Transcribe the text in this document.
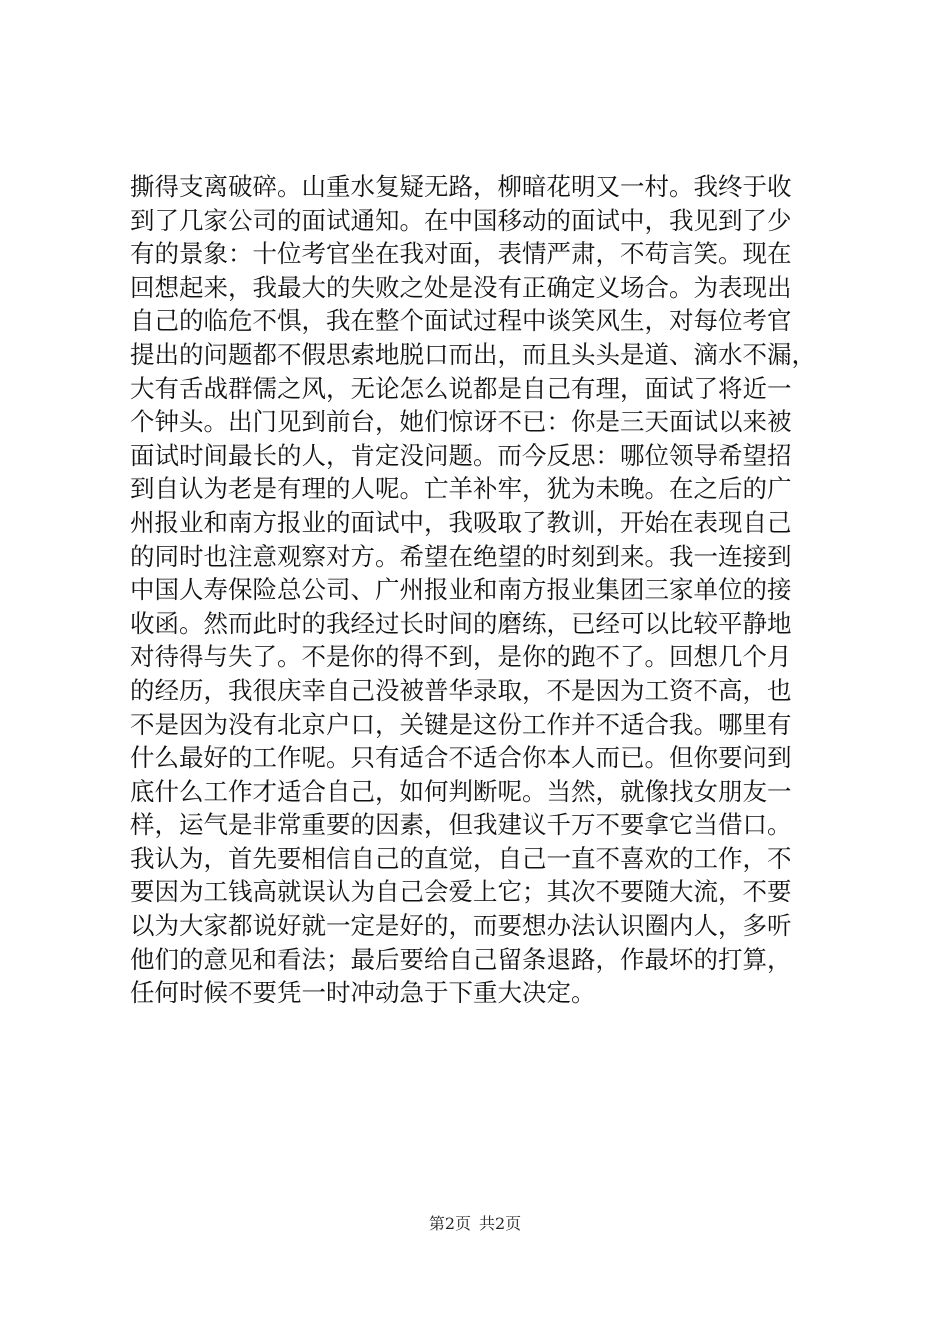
撕得支离破碎。山重水复疑无路，柳暗花明又一村。我终于收
到了几家公司的面试通知。在中国移动的面试中，我见到了少
有的景象：十位考官坐在我对面，表情严肃，不苟言笑。现在
回想起来，我最大的失败之处是没有正确定义场合。为表现出
自己的临危不惧，我在整个面试过程中谈笑风生，对每位考官
提出的问题都不假思索地脱口而出，而且头头是道、滴水不漏，
大有舌战群儒之风，无论怎么说都是自己有理，面试了将近一
个钟头。出门见到前台，她们惊讶不已：你是三天面试以来被
面试时间最长的人，肯定没问题。而今反思：哪位领导希望招
到自认为老是有理的人呢。亡羊补牢，犹为未晚。在之后的广
州报业和南方报业的面试中，我吸取了教训，开始在表现自己
的同时也注意观察对方。希望在绝望的时刻到来。我一连接到
中国人寿保险总公司、广州报业和南方报业集团三家单位的接
收函。然而此时的我经过长时间的磨练，已经可以比较平静地
对待得与失了。不是你的得不到，是你的跑不了。回想几个月
的经历，我很庆幸自己没被普华录取，不是因为工资不高，也
不是因为没有北京户口，关键是这份工作并不适合我。哪里有
什么最好的工作呢。只有适合不适合你本人而已。但你要问到
底什么工作才适合自己，如何判断呢。当然，就像找女朋友一
样，运气是非常重要的因素，但我建议千万不要拿它当借口。
我认为，首先要相信自己的直觉，自己一直不喜欢的工作，不
要因为工钱高就误认为自己会爱上它；其次不要随大流，不要
以为大家都说好就一定是好的，而要想办法认识圈内人，多听
他们的意见和看法；最后要给自己留条退路，作最坏的打算，
任何时候不要凭一时冲动急于下重大决定。
第2页 共2页
